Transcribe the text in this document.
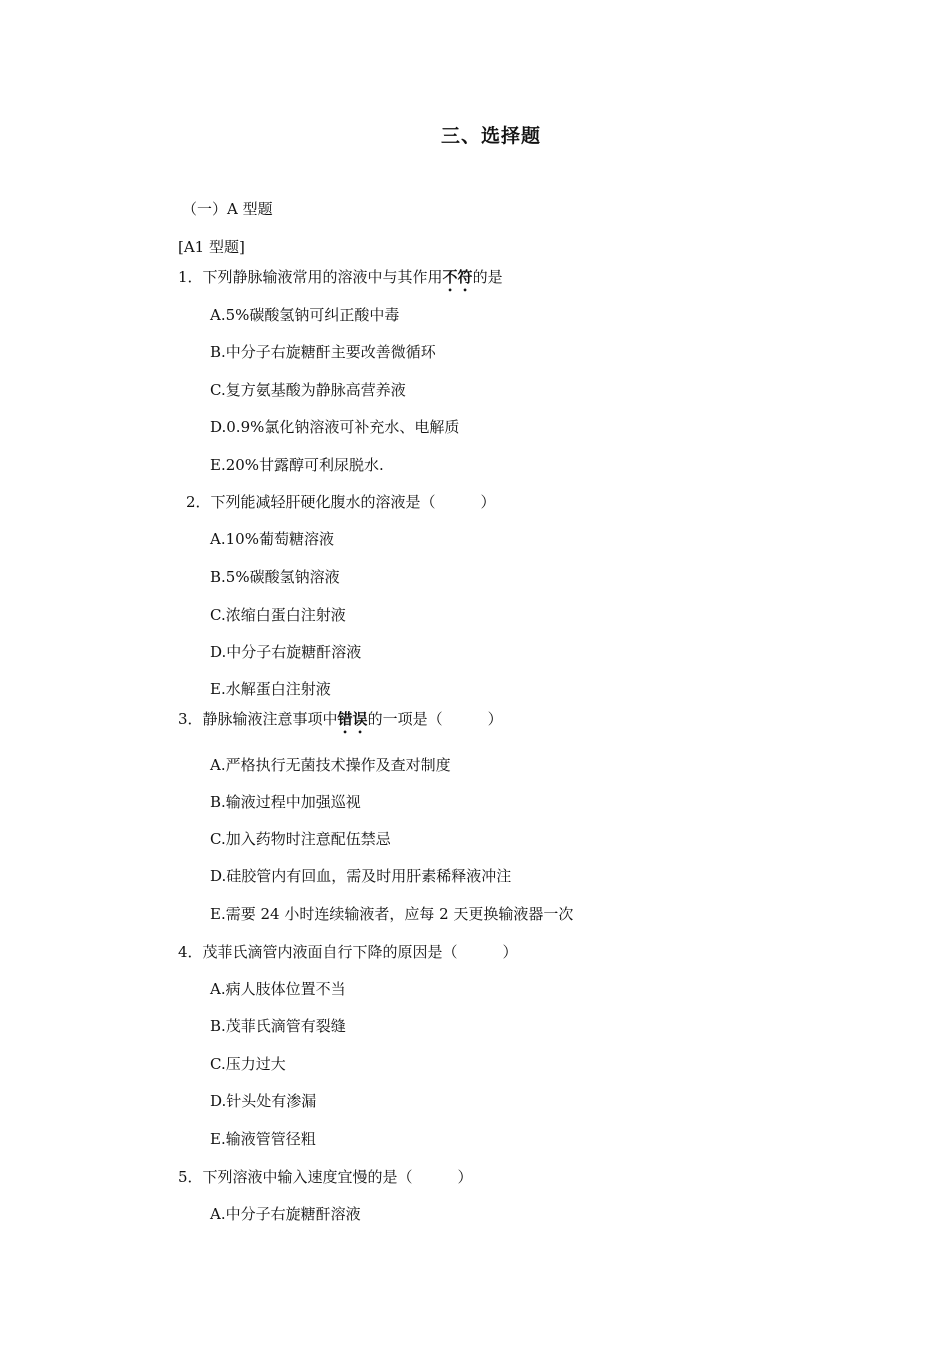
三、选择题
（一）A 型题
[A1 型题]
1．下列静脉输液常用的溶液中与其作用不符的是
A.5%碳酸氢钠可纠正酸中毒
B.中分子右旋糖酐主要改善微循环
C.复方氨基酸为静脉高营养液
D.0.9%氯化钠溶液可补充水、电解质
E.20%甘露醇可利尿脱水.
2．下列能减轻肝硬化腹水的溶液是（　　　）
A.10%葡萄糖溶液
B.5%碳酸氢钠溶液
C.浓缩白蛋白注射液
D.中分子右旋糖酐溶液
E.水解蛋白注射液
3．静脉输液注意事项中错误的一项是（　　　）
A.严格执行无菌技术操作及查对制度
B.输液过程中加强巡视
C.加入药物时注意配伍禁忌
D.硅胶管内有回血，需及时用肝素稀释液冲注
E.需要 24 小时连续输液者，应每 2 天更换输液器一次
4．茂菲氏滴管内液面自行下降的原因是（　　　）
A.病人肢体位置不当
B.茂菲氏滴管有裂缝
C.压力过大
D.针头处有渗漏
E.输液管管径粗
5．下列溶液中输入速度宜慢的是（　　　）
A.中分子右旋糖酐溶液
